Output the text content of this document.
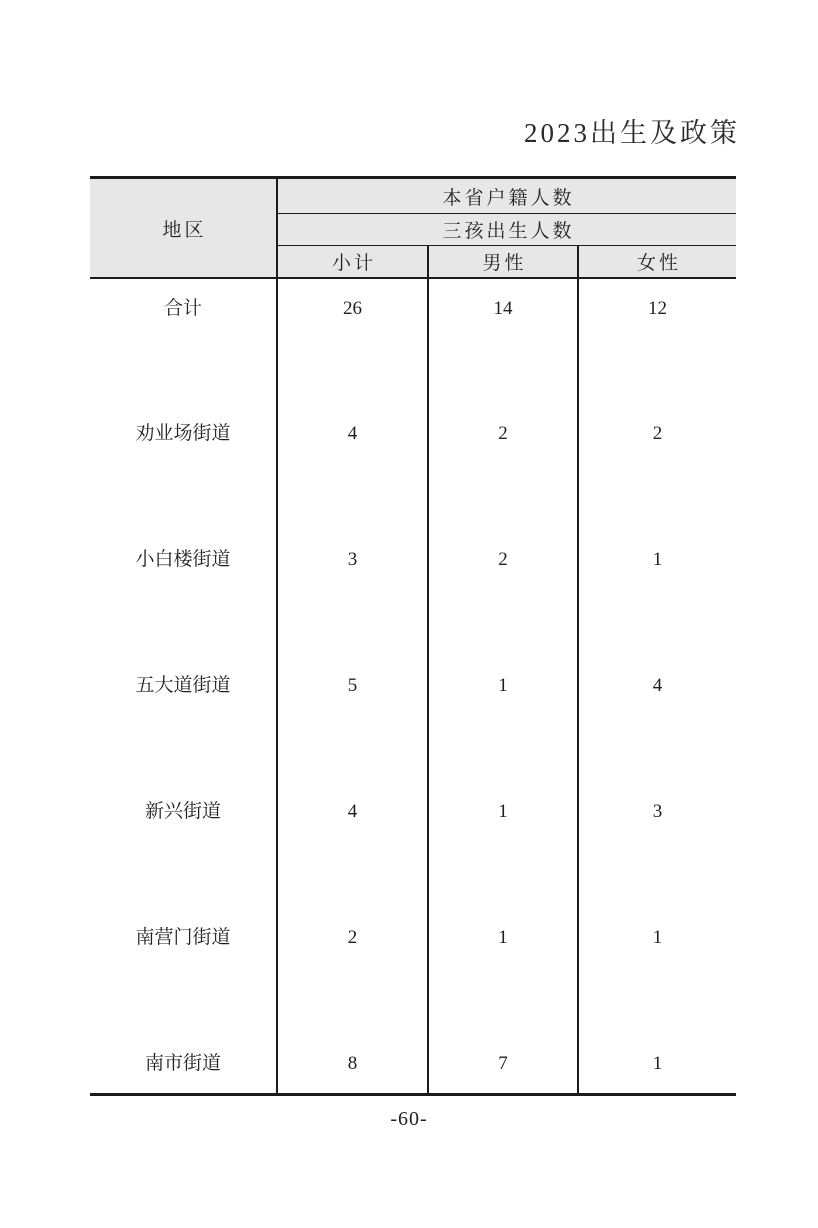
2023出生及政策
地区	本省户籍人数		
	三孩出生人数		
	小计	男性	女性
合计	26	14	12
劝业场街道	4	2	2
小白楼街道	3	2	1
五大道街道	5	1	4
新兴街道	4	1	3
南营门街道	2	1	1
南市街道	8	7	1
-60-
